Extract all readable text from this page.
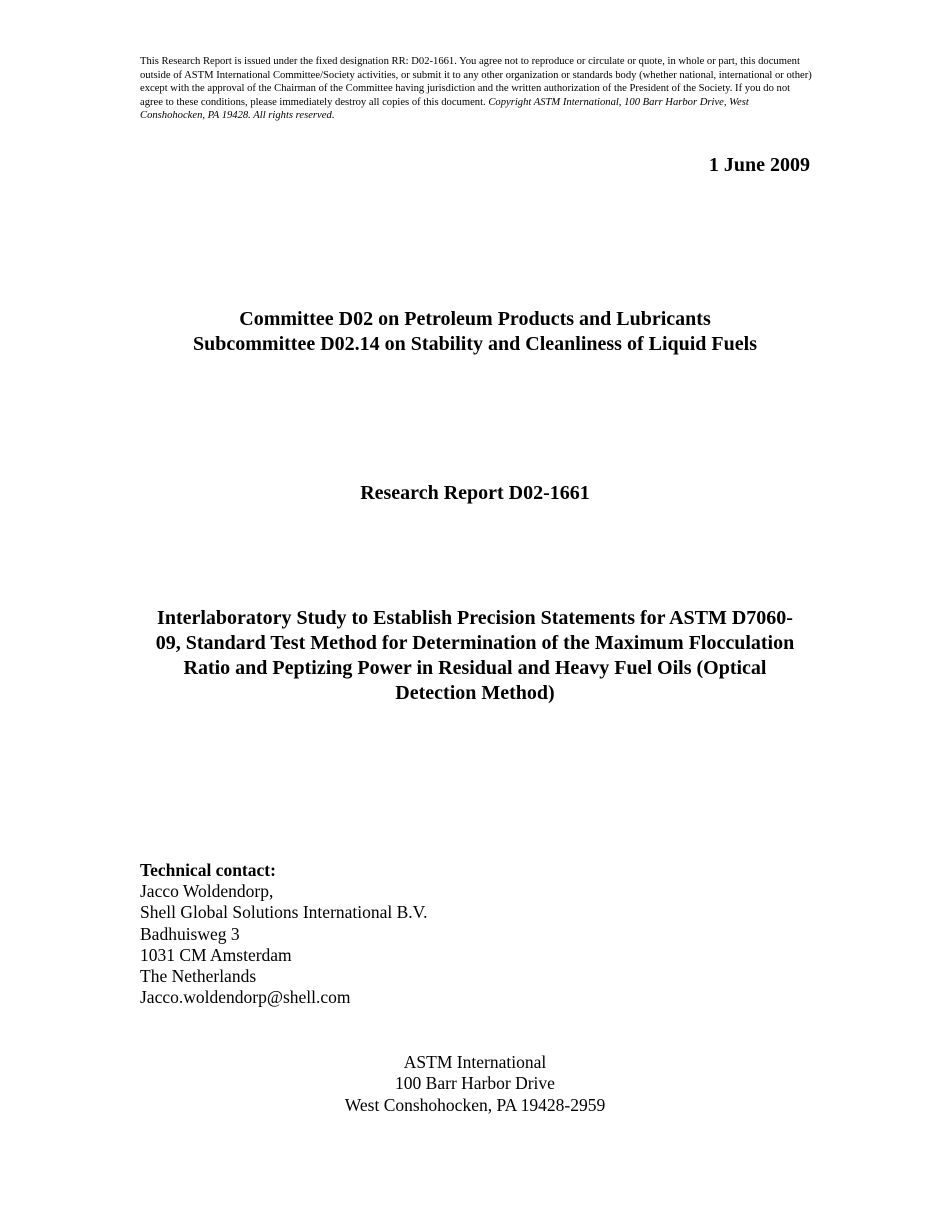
This Research Report is issued under the fixed designation RR: D02-1661. You agree not to reproduce or circulate or quote, in whole or part, this document outside of ASTM International Committee/Society activities, or submit it to any other organization or standards body (whether national, international or other) except with the approval of the Chairman of the Committee having jurisdiction and the written authorization of the President of the Society. If you do not agree to these conditions, please immediately destroy all copies of this document. Copyright ASTM International, 100 Barr Harbor Drive, West Conshohocken, PA 19428. All rights reserved.
1 June 2009
Committee D02 on Petroleum Products and Lubricants
Subcommittee D02.14 on Stability and Cleanliness of Liquid Fuels
Research Report D02-1661
Interlaboratory Study to Establish Precision Statements for ASTM D7060-09, Standard Test Method for Determination of the Maximum Flocculation Ratio and Peptizing Power in Residual and Heavy Fuel Oils (Optical Detection Method)
Technical contact:
Jacco Woldendorp,
Shell Global Solutions International B.V.
Badhuisweg 3
1031 CM Amsterdam
The Netherlands
Jacco.woldendorp@shell.com
ASTM International
100 Barr Harbor Drive
West Conshohocken, PA 19428-2959
